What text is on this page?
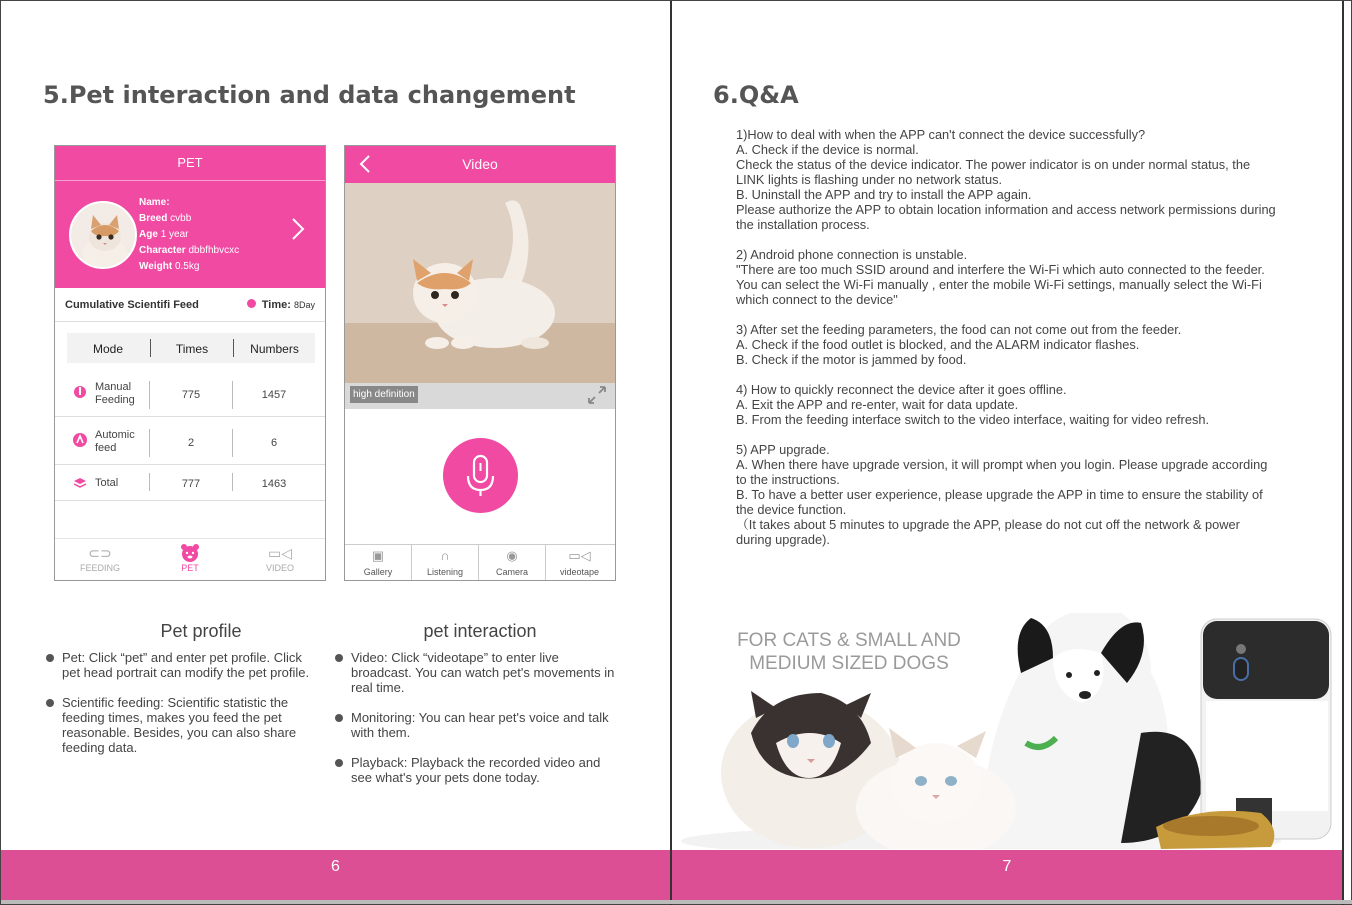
5.Pet interaction and data changement
PET
Name:
Breed cvbb
Age 1 year
Character dbbfhbvcxc
Weight 0.5kg
Cumulative Scientifi Feed	Time: 8Day
Mode	Times	Numbers
Manual
Feeding	775	1457
Automic
feed	2	6
Total	777	1463
⊂⊃
FEEDING	PET
▭◁
VIDEO
Video
high definition
▣
Gallery
∩
Listening
◉
Camera
▭◁
videotape
Pet profile
Pet: Click “pet” and enter pet profile. Click pet head portrait can modify the pet profile.
Scientific feeding: Scientific statistic the feeding times, makes you feed the pet reasonable. Besides, you can also share feeding data.
pet interaction
Video: Click “videotape” to enter live broadcast. You can watch pet's movements in real time.
Monitoring: You can hear pet's voice and talk with them.
Playback: Playback the recorded video and see what's your pets done today.
6.Q&A

1)How to deal with when the APP can't connect the device successfully?
A. Check if the device is normal.
Check the status of the device indicator. The power indicator is on under normal status, the LINK lights is flashing under no network status.
B. Uninstall the APP and try to install the APP again.
Please authorize the APP to obtain location information and access network permissions during the installation process.

2) Android phone connection is unstable.
"There are too much SSID around and interfere the Wi-Fi which auto connected to the feeder. You can select the Wi-Fi manually , enter the mobile Wi-Fi settings, manually select the Wi-Fi which connect to the device"

3) After set the feeding parameters, the food can not come out from the feeder.
A. Check if the food outlet is blocked, and the ALARM indicator flashes.
B. Check if the motor is jammed by food.

4) How to quickly reconnect the device after it goes offline.
A. Exit the APP and re-enter, wait for data update.
B. From the feeding interface switch to the video interface, waiting for video refresh.

5) APP upgrade.
A. When there have upgrade version, it will prompt when you login. Please upgrade according to the instructions.
B. To have a better user experience, please upgrade the APP in time to ensure the stability of the device function.
（It takes about 5 minutes to upgrade the APP, please do not cut off the network & power during upgrade).

FOR CATS & SMALL AND
MEDIUM SIZED DOGS
6	7
